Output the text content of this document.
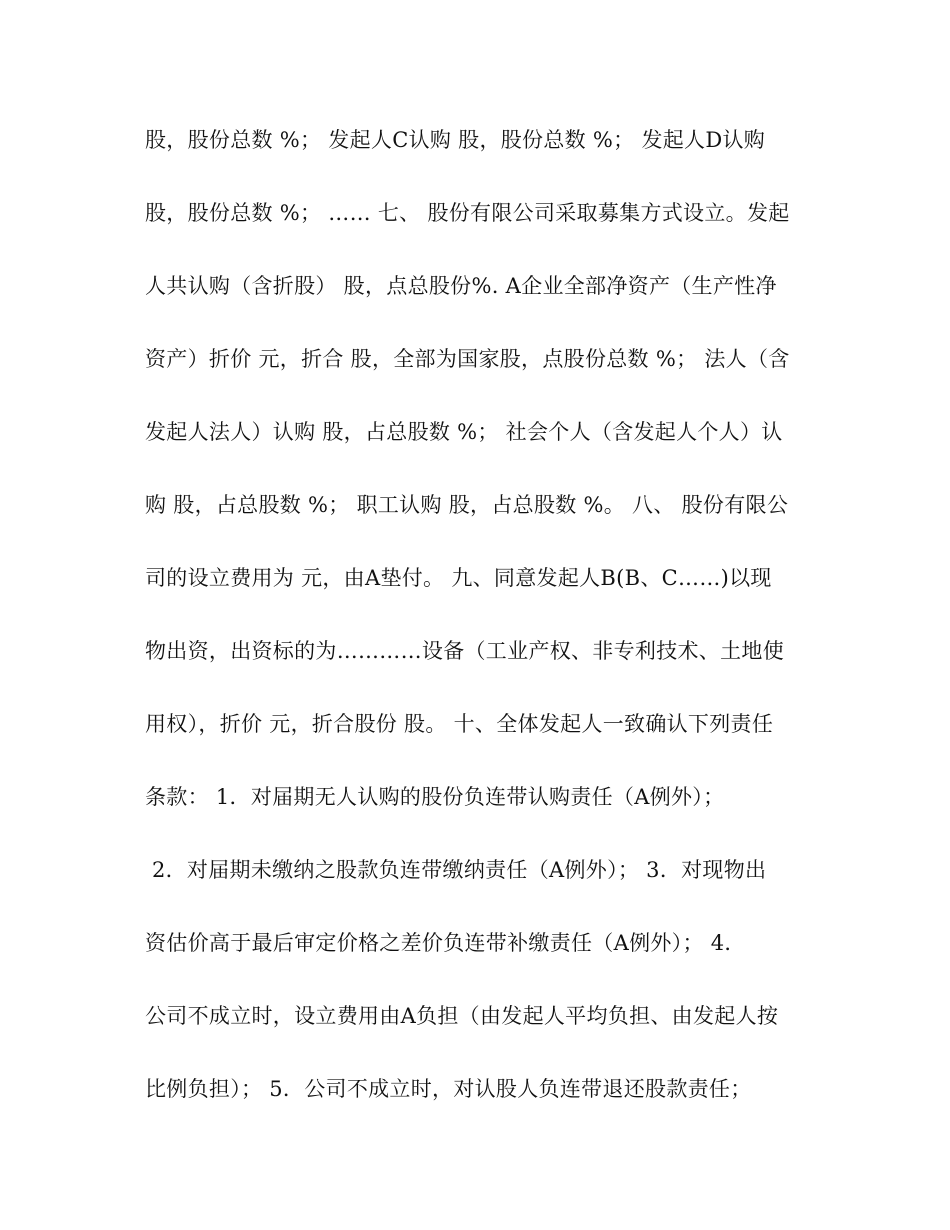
股，股份总数 %； 发起人C认购 股，股份总数 %； 发起人D认购
股，股份总数 %； …… 七、 股份有限公司采取募集方式设立。发起
人共认购（含折股） 股，点总股份%. A企业全部净资产（生产性净
资产）折价 元，折合 股，全部为国家股，点股份总数 %； 法人（含
发起人法人）认购 股，占总股数 %； 社会个人（含发起人个人）认
购 股，占总股数 %； 职工认购 股，占总股数 %。 八、 股份有限公
司的设立费用为 元，由A垫付。 九、同意发起人B(B、C……)以现
物出资，出资标的为…………设备（工业产权、非专利技术、土地使
用权），折价 元，折合股份 股。 十、全体发起人一致确认下列责任
条款： 1．对届期无人认购的股份负连带认购责任（A例外）；
2．对届期未缴纳之股款负连带缴纳责任（A例外）； 3．对现物出
资估价高于最后审定价格之差价负连带补缴责任（A例外）； 4．
公司不成立时，设立费用由A负担（由发起人平均负担、由发起人按
比例负担）； 5．公司不成立时，对认股人负连带退还股款责任；
